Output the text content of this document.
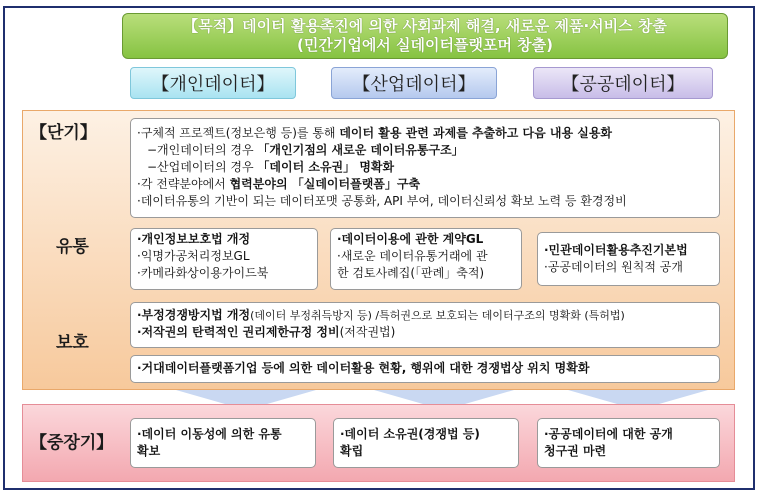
【목적】데이터 활용촉진에 의한 사회과제 해결, 새로운 제품·서비스 창출
(민간기업에서 실데이터플랫포머 창출)
【개인데이터】	【산업데이터】	【공공데이터】
【단기】
유통
보호
·구체적 프로젝트(정보은행 등)를 통해 데이터 활용 관련 과제를 추출하고 다음 내용 실용화
−개인데이터의 경우 「개인기점의 새로운 데이터유통구조」
−산업데이터의 경우 「데이터 소유권」 명확화
·각 전략분야에서 협력분야의 「실데이터플랫폼」구축
·데이터유통의 기반이 되는 데이터포맷 공통화, API 부여, 데이터신뢰성 확보 노력 등 환경정비
·개인정보보호법 개정
·익명가공처리정보GL
·카메라화상이용가이드북
·데이터이용에 관한 계약GL
·새로운 데이터유통거래에 관
한 검토사례집(「판례」축적)
·민관데이터활용추진기본법
·공공데이터의 원칙적 공개
·부정경쟁방지법 개정(데이터 부정취득방지 등) /특허권으로 보호되는 데이터구조의 명확화 (특허법)
·저작권의 탄력적인 권리제한규정 정비(저작권법)
·거대데이터플랫폼기업 등에 의한 데이터활용 현황, 행위에 대한 경쟁법상 위치 명확화
【중장기】 ·데이터 이동성에 의한 유통
확보
·데이터 소유권(경쟁법 등)
확립
·공공데이터에 대한 공개
청구권 마련
